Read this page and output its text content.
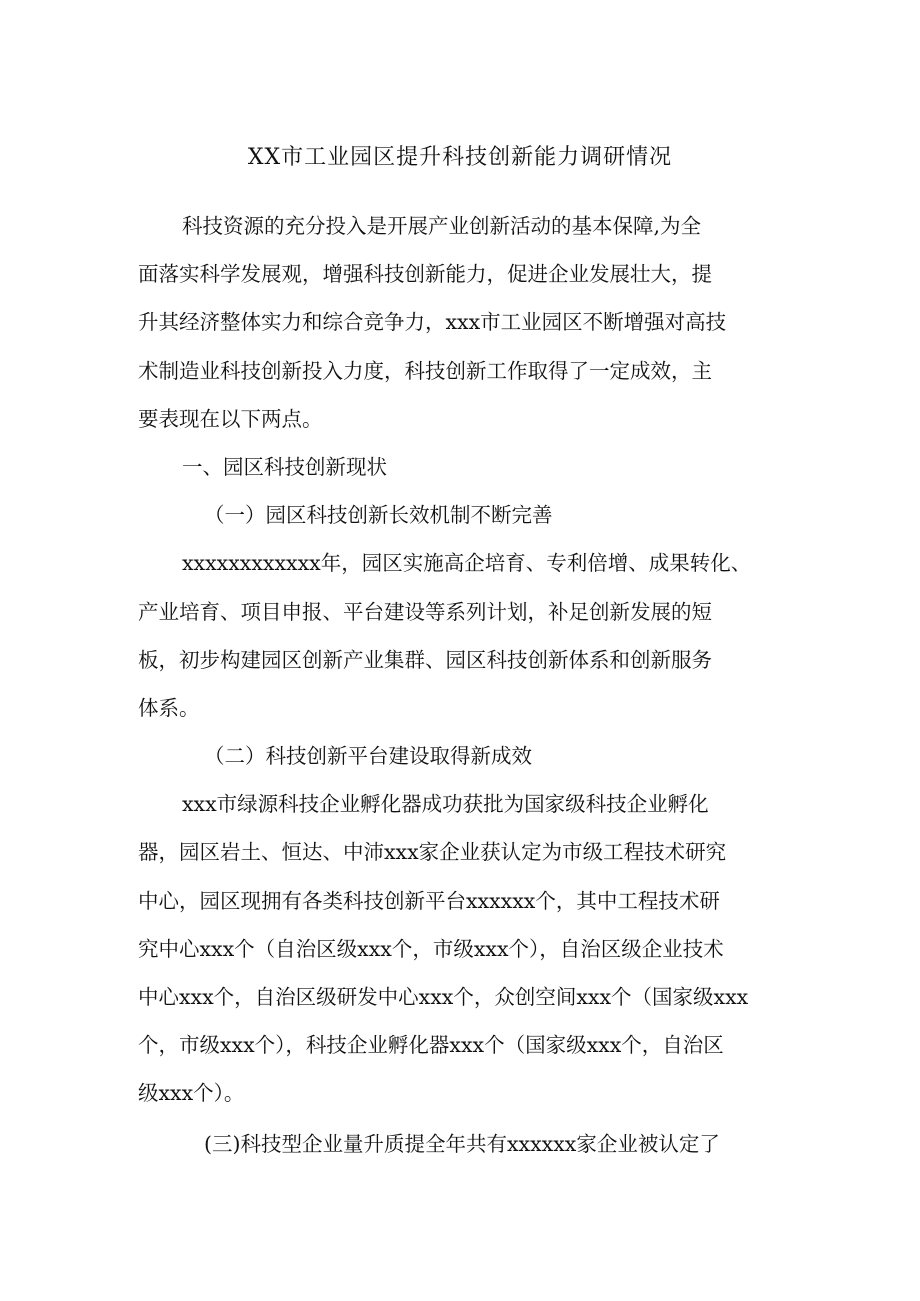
XX市工业园区提升科技创新能力调研情况
科技资源的充分投入是开展产业创新活动的基本保障,为全
面落实科学发展观，增强科技创新能力，促进企业发展壮大，提
升其经济整体实力和综合竞争力，xxx市工业园区不断增强对高技
术制造业科技创新投入力度，科技创新工作取得了一定成效，主
要表现在以下两点。
一、园区科技创新现状
（一）园区科技创新长效机制不断完善
xxxxxxxxxxxx年，园区实施高企培育、专利倍增、成果转化、
产业培育、项目申报、平台建设等系列计划，补足创新发展的短
板，初步构建园区创新产业集群、园区科技创新体系和创新服务
体系。
（二）科技创新平台建设取得新成效
xxx市绿源科技企业孵化器成功获批为国家级科技企业孵化
器，园区岩土、恒达、中沛xxx家企业获认定为市级工程技术研究
中心，园区现拥有各类科技创新平台xxxxxx个，其中工程技术研
究中心xxx个（自治区级xxx个，市级xxx个），自治区级企业技术
中心xxx个，自治区级研发中心xxx个，众创空间xxx个（国家级xxx
个，市级xxx个），科技企业孵化器xxx个（国家级xxx个，自治区
级xxx个）。
(三)科技型企业量升质提全年共有xxxxxx家企业被认定了
